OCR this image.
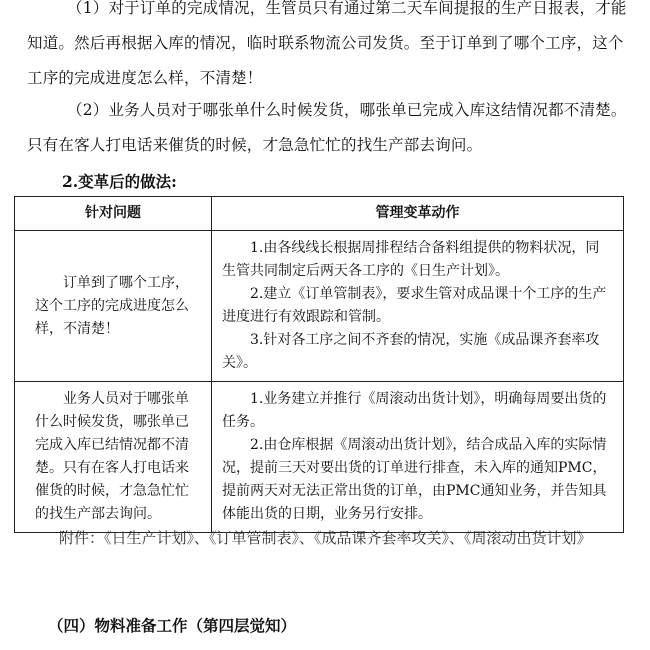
（1）对于订单的完成情况，生管员只有通过第二天车间提报的生产日报表，才能知道。然后再根据入库的情况，临时联系物流公司发货。至于订单到了哪个工序，这个工序的完成进度怎么样，不清楚！

（2）业务人员对于哪张单什么时候发货，哪张单已完成入库这结情况都不清楚。只有在客人打电话来催货的时候，才急急忙忙的找生产部去询问。

2.变革后的做法:

针对问题	管理变革动作

订单到了哪个工序，这个工序的完成进度怎么样，不清楚！	1.由各线线长根据周排程结合备料组提供的物料状况，同生管共同制定后两天各工序的《日生产计划》。

2.建立《订单管制表》，要求生管对成品课十个工序的生产进度进行有效跟踪和管制。

3.针对各工序之间不齐套的情况，实施《成品课齐套率攻关》。

业务人员对于哪张单什么时候发货，哪张单已完成入库已结情况都不清楚。只有在客人打电话来催货的时候，才急急忙忙的找生产部去询问。	1.业务建立并推行《周滚动出货计划》，明确每周要出货的任务。

2.由仓库根据《周滚动出货计划》，结合成品入库的实际情况，提前三天对要出货的订单进行排查，未入库的通知PMC，提前两天对无法正常出货的订单，由PMC通知业务，并告知具体能出货的日期，业务另行安排。

附件：《日生产计划》、《订单管制表》、《成品课齐套率攻关》、《周滚动出货计划》

（四）物料准备工作（第四层觉知）
